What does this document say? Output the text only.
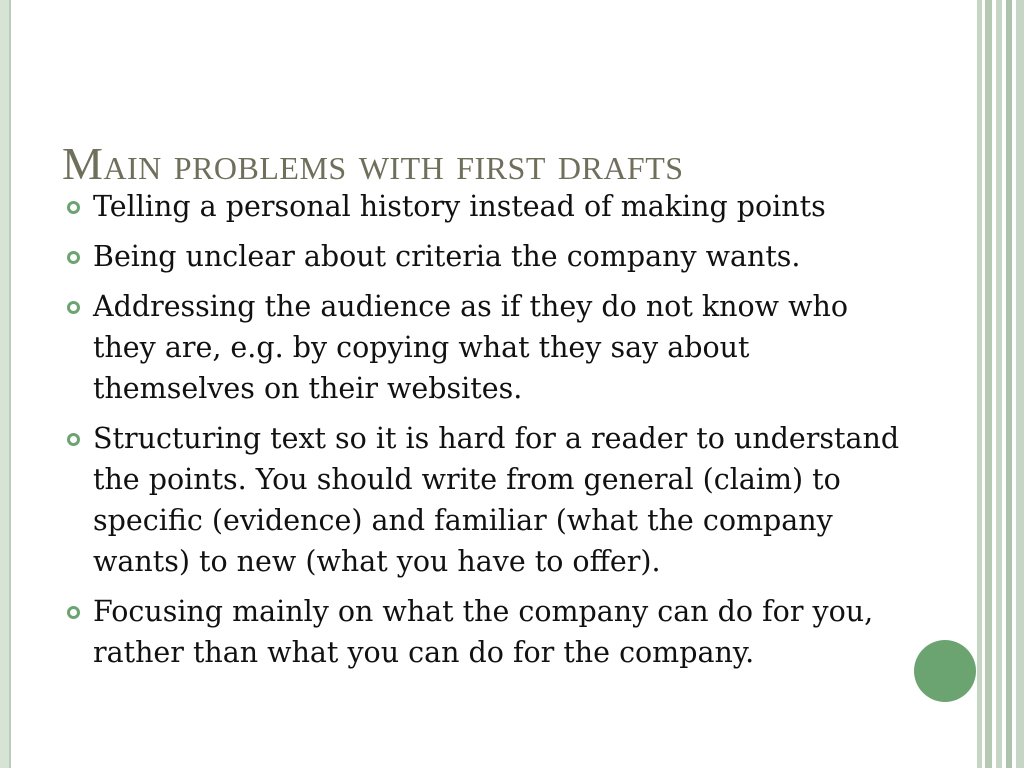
Main problems with first drafts
Telling a personal history instead of making points
Being unclear about criteria the company wants.
Addressing the audience as if they do not know who they are, e.g. by copying what they say about themselves on their websites.
Structuring text so it is hard for a reader to understand the points. You should write from general (claim) to specific (evidence) and familiar (what the company wants) to new (what you have to offer).
Focusing mainly on what the company can do for you, rather than what you can do for the company.
